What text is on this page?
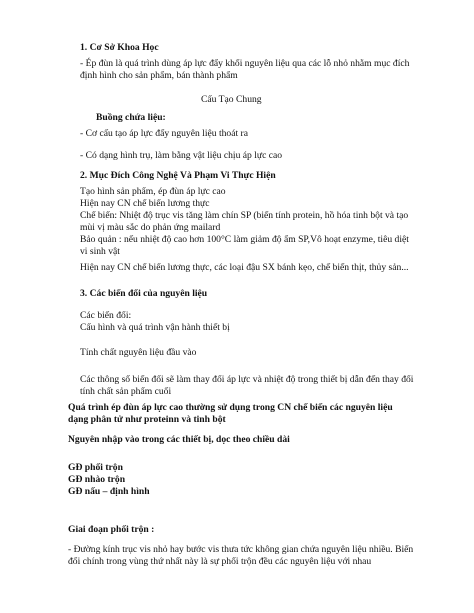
1. Cơ Sở Khoa Học
- Ép đùn là quá trình dùng áp lực đẩy khối nguyên liệu qua các lỗ nhỏ nhằm mục đích
định hình cho sản phẩm, bán thành phẩm
Cấu Tạo Chung
Buồng chứa liệu:
- Cơ cấu tạo áp lực đẩy nguyên liệu thoát ra
- Có dạng hình trụ, làm bằng vật liệu chịu áp lực cao
2. Mục Đích Công Nghệ Và Phạm Vi Thực Hiện
Tạo hình sản phẩm, ép đùn áp lực cao
Hiện nay CN chế biến lương thực
Chế biến: Nhiệt độ trục vis tăng làm chín SP (biến tính protein, hồ hóa tinh bột và tạo
mùi vị màu sắc do phản ứng mailard
Bảo quản : nếu nhiệt độ cao hơn 100°C làm giảm độ ẩm SP,Vô hoạt enzyme, tiêu diệt
vi sinh vật
Hiện nay CN chế biến lương thực, các loại đậu SX bánh kẹo, chế biến thịt, thủy sản...
3. Các biến đổi của nguyên liệu
Các biến đổi:
Cấu hình và quá trình vận hành thiết bị
Tính chất nguyên liệu đầu vào
Các thông số biến đổi sẽ làm thay đổi áp lực và nhiệt độ trong thiết bị dẫn đến thay đổi
tính chất sản phẩm cuối
Quá trình ép đùn áp lực cao thường sử dụng trong CN chế biến các nguyên liệu
dạng phân tử như proteinn và tinh bột
Nguyên nhập vào trong các thiết bị, dọc theo chiều dài
GĐ phối trộn
GĐ nhào trộn
GĐ nấu – định hình
Giai đoạn phối trộn :
- Đường kính trục vis nhỏ hay bước vis thưa tức không gian chứa nguyên liệu nhiều. Biến
đổi chính trong vùng thứ nhất này là sự phối trộn đều các nguyên liệu với nhau
